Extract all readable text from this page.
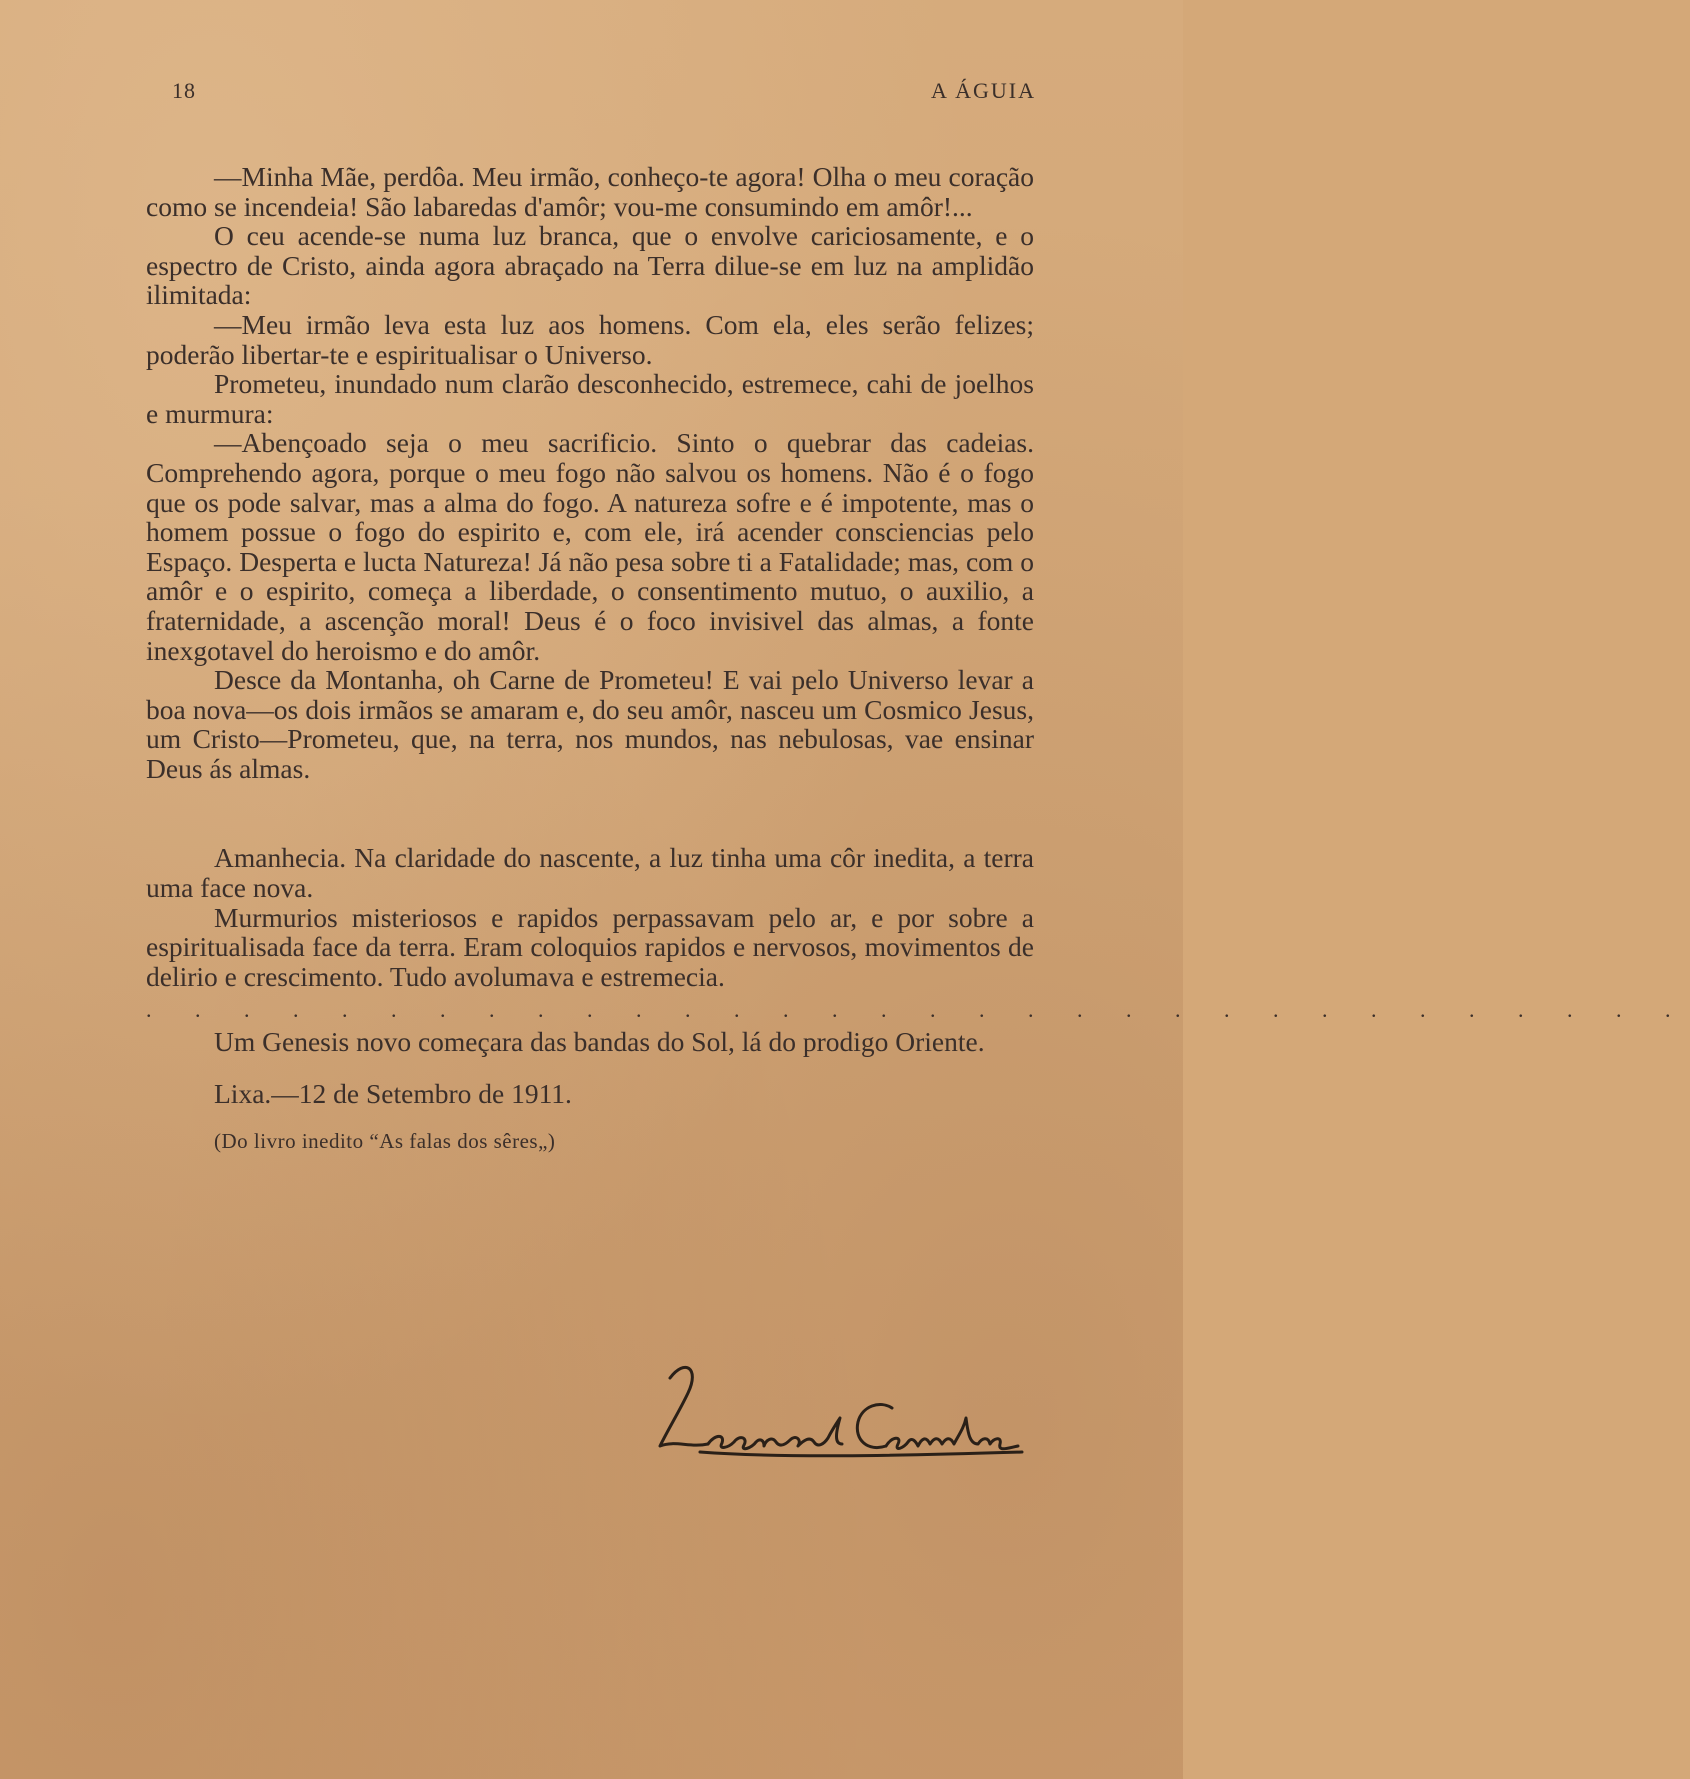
18	A ÁGUIA

—Minha Mãe, perdôa. Meu irmão, conheço-te agora! Olha o meu coração como se incendeia! São labaredas d'amôr; vou-me consumindo em amôr!...

O ceu acende-se numa luz branca, que o envolve cariciosamente, e o espectro de Cristo, ainda agora abraçado na Terra dilue-se em luz na amplidão ilimitada:

—Meu irmão leva esta luz aos homens. Com ela, eles serão felizes; poderão libertar-te e espiritualisar o Universo.

Prometeu, inundado num clarão desconhecido, estremece, cahi de joelhos e murmura:

—Abençoado seja o meu sacrificio. Sinto o quebrar das cadeias. Comprehendo agora, porque o meu fogo não salvou os homens. Não é o fogo que os pode salvar, mas a alma do fogo. A natureza sofre e é impotente, mas o homem possue o fogo do espirito e, com ele, irá acender consciencias pelo Espaço. Desperta e lucta Natureza! Já não pesa sobre ti a Fatalidade; mas, com o amôr e o espirito, começa a liberdade, o consentimento mutuo, o auxilio, a fraternidade, a ascenção moral! Deus é o foco invisivel das almas, a fonte inexgotavel do heroismo e do amôr.

Desce da Montanha, oh Carne de Prometeu! E vai pelo Universo levar a boa nova—os dois irmãos se amaram e, do seu amôr, nasceu um Cosmico Jesus, um Cristo—Prometeu, que, na terra, nos mundos, nas nebulosas, vae ensinar Deus ás almas.

Amanhecia. Na claridade do nascente, a luz tinha uma côr inedita, a terra uma face nova.

Murmurios misteriosos e rapidos perpassavam pelo ar, e por sobre a espiritualisada face da terra. Eram coloquios rapidos e nervosos, movimentos de delirio e crescimento. Tudo avolumava e estremecia.

. . . . . . . . . . . . . . . . . . . . . . . . . . . . . . . .

Um Genesis novo começara das bandas do Sol, lá do prodigo Oriente.

Lixa.—12 de Setembro de 1911.

(Do livro inedito “As falas dos sêres„)
